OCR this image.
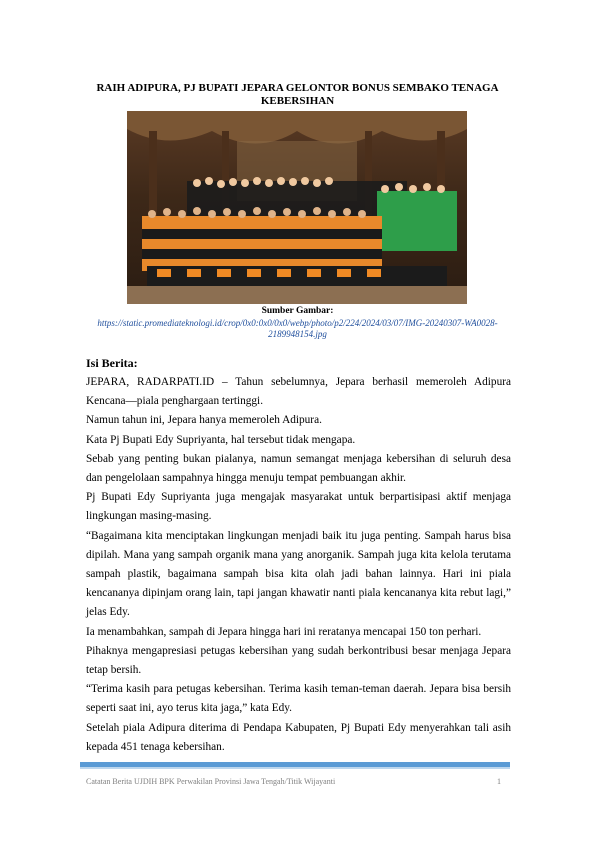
RAIH ADIPURA, PJ BUPATI JEPARA GELONTOR BONUS SEMBAKO TENAGA KEBERSIHAN
Sumber Gambar:
https://static.promediateknologi.id/crop/0x0:0x0/0x0/webp/photo/p2/224/2024/03/07/IMG-20240307-WA0028-2189948154.jpg
Isi Berita:

JEPARA, RADARPATI.ID – Tahun sebelumnya, Jepara berhasil memeroleh Adipura Kencana—piala penghargaan tertinggi.

Namun tahun ini, Jepara hanya memeroleh Adipura.

Kata Pj Bupati Edy Supriyanta, hal tersebut tidak mengapa.

Sebab yang penting bukan pialanya, namun semangat menjaga kebersihan di seluruh desa dan pengelolaan sampahnya hingga menuju tempat pembuangan akhir.

Pj Bupati Edy Supriyanta juga mengajak masyarakat untuk berpartisipasi aktif menjaga lingkungan masing-masing.

“Bagaimana kita menciptakan lingkungan menjadi baik itu juga penting. Sampah harus bisa dipilah. Mana yang sampah organik mana yang anorganik. Sampah juga kita kelola terutama sampah plastik, bagaimana sampah bisa kita olah jadi bahan lainnya. Hari ini piala kencananya dipinjam orang lain, tapi jangan khawatir nanti piala kencananya kita rebut lagi,” jelas Edy.

Ia menambahkan, sampah di Jepara hingga hari ini reratanya mencapai 150 ton perhari.

Pihaknya mengapresiasi petugas kebersihan yang sudah berkontribusi besar menjaga Jepara tetap bersih.

“Terima kasih para petugas kebersihan. Terima kasih teman-teman daerah. Jepara bisa bersih seperti saat ini, ayo terus kita jaga,” kata Edy.

Setelah piala Adipura diterima di Pendapa Kabupaten, Pj Bupati Edy menyerahkan tali asih kepada 451 tenaga kebersihan.

Catatan Berita UJDIH BPK Perwakilan Provinsi Jawa Tengah/Titik Wijayanti	1
